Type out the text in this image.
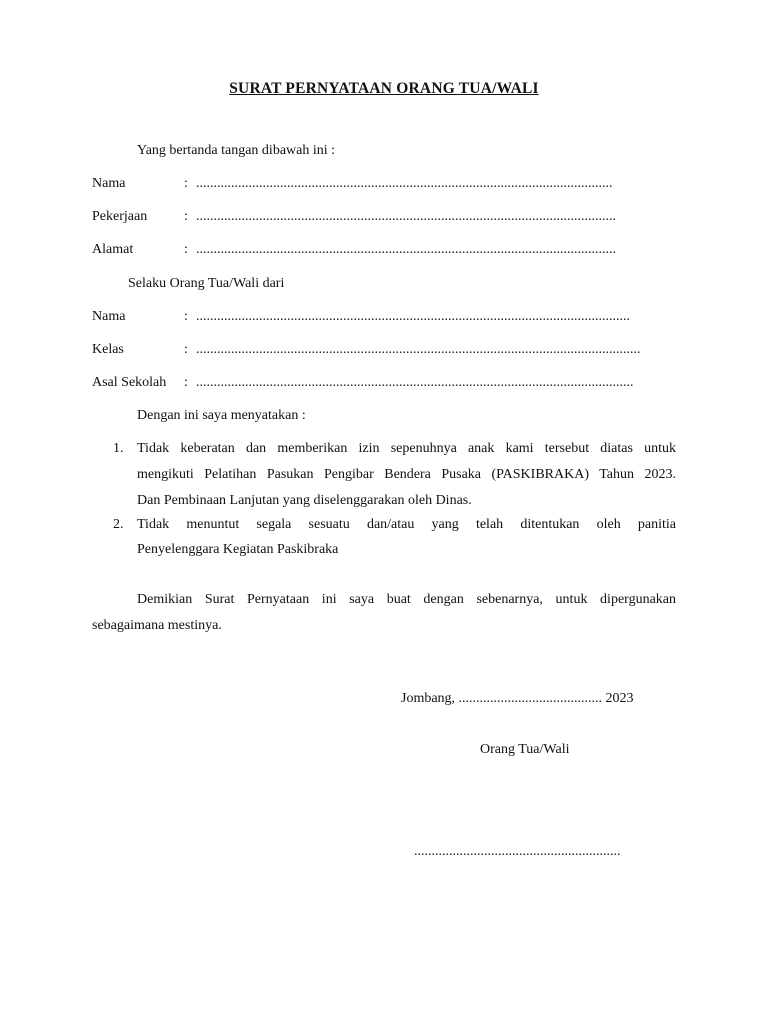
SURAT PERNYATAAN ORANG TUA/WALI
Yang bertanda tangan dibawah ini :
Nama	: .......................................................................................................................
Pekerjaan	: ........................................................................................................................
Alamat	: ........................................................................................................................
Selaku Orang Tua/Wali dari
Nama	: ............................................................................................................................
Kelas	: ...............................................................................................................................
Asal Sekolah : .............................................................................................................................
Dengan ini saya menyatakan :
1. Tidak keberatan dan memberikan izin sepenuhnya anak kami tersebut diatas untuk
mengikuti Pelatihan Pasukan Pengibar Bendera Pusaka (PASKIBRAKA) Tahun 2023.
Dan Pembinaan Lanjutan yang diselenggarakan oleh Dinas.
2. Tidak menuntut segala sesuatu dan/atau yang telah ditentukan oleh panitia
Penyelenggara Kegiatan Paskibraka
Demikian Surat Pernyataan ini saya buat dengan sebenarnya, untuk dipergunakan
sebagaimana mestinya.
Jombang, ......................................... 2023
Orang Tua/Wali
...........................................................
